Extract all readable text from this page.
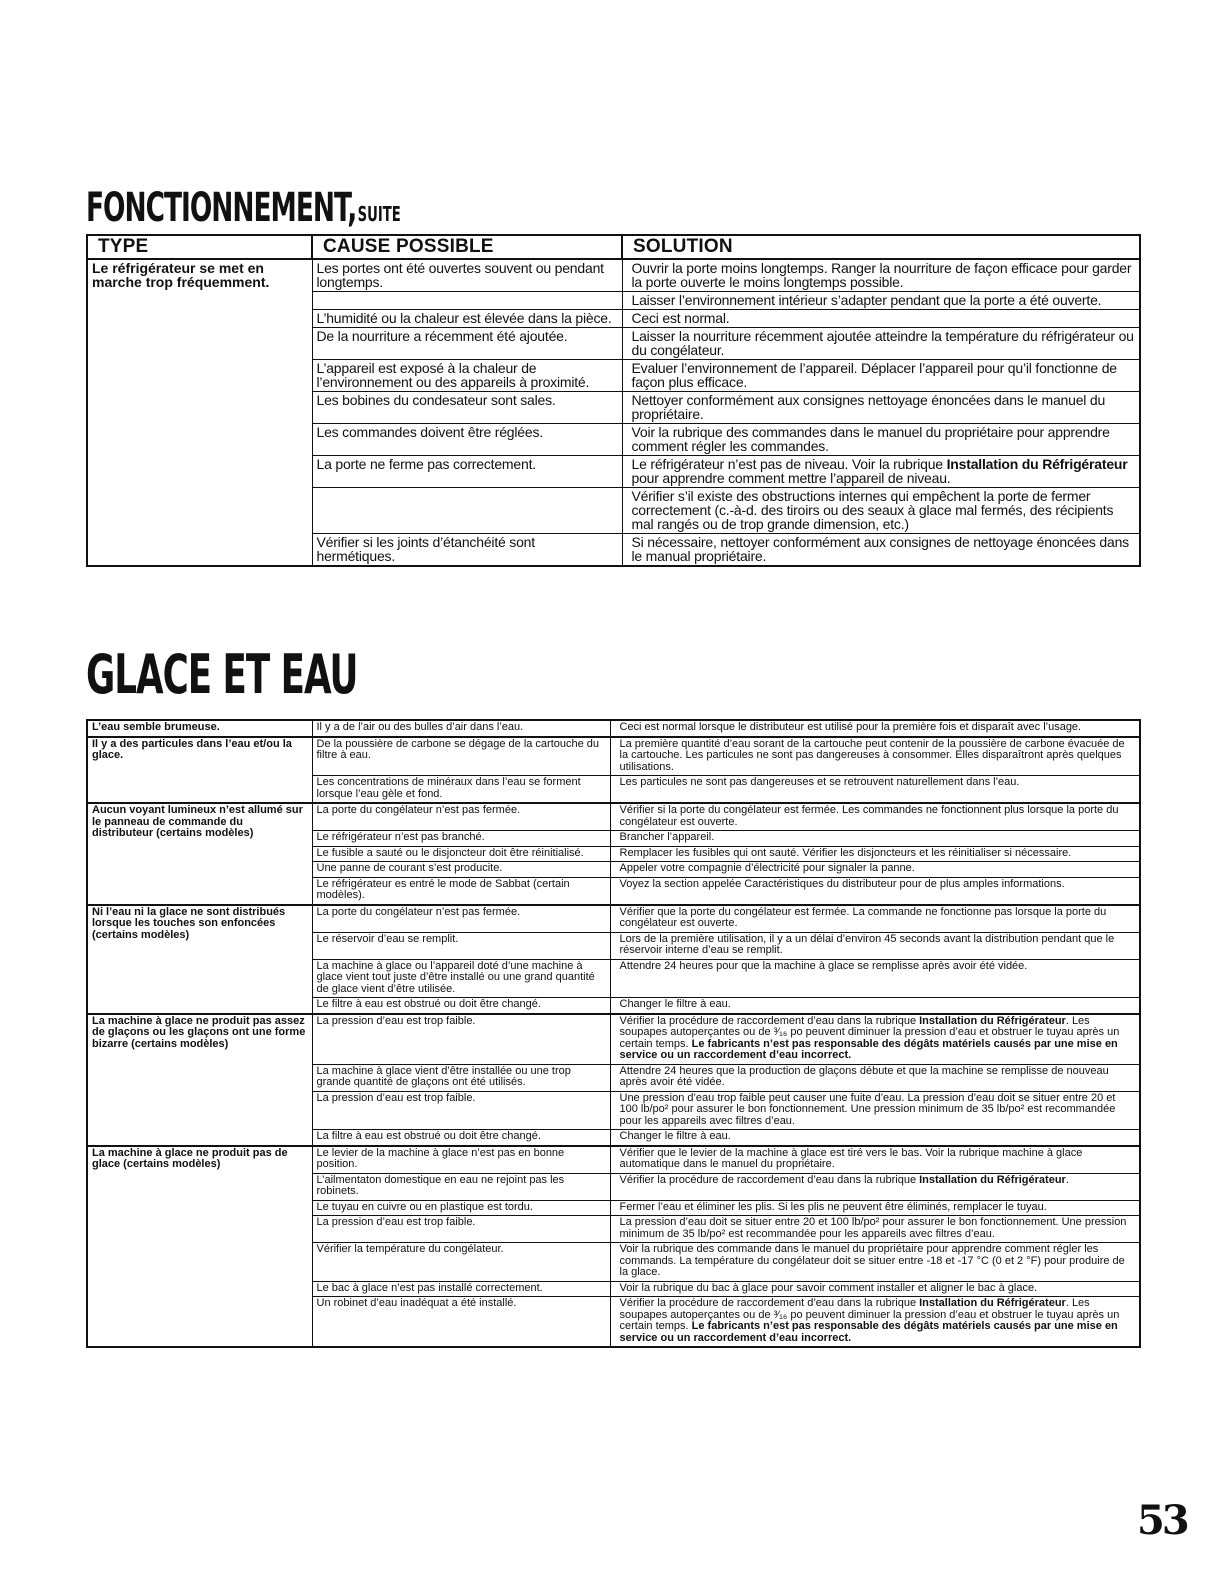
FONCTIONNEMENT,SUITE
TYPE	CAUSE POSSIBLE	SOLUTION
Le réfrigérateur se met en marche trop fréquemment.	Les portes ont été ouvertes souvent ou pendant longtemps.	Ouvrir la porte moins longtemps. Ranger la nourriture de façon efficace pour garder la porte ouverte le moins longtemps possible.
		Laisser l’environnement intérieur s’adapter pendant que la porte a été ouverte.
	L’humidité ou la chaleur est élevée dans la pièce.	Ceci est normal.
	De la nourriture a récemment été ajoutée.	Laisser la nourriture récemment ajoutée atteindre la température du réfrigérateur ou du congélateur.
	L’appareil est exposé à la chaleur de l’environnement ou des appareils à proximité.	Evaluer l’environnement de l’appareil. Déplacer l’appareil pour qu’il fonctionne de façon plus efficace.
	Les bobines du condesateur sont sales.	Nettoyer conformément aux consignes nettoyage énoncées dans le manuel du propriétaire.
	Les commandes doivent être réglées.	Voir la rubrique des commandes dans le manuel du propriétaire pour apprendre comment régler les commandes.
	La porte ne ferme pas correctement.	Le réfrigérateur n’est pas de niveau. Voir la rubrique Installation du Réfrigérateur pour apprendre comment mettre l’appareil de niveau.
		Vérifier s’il existe des obstructions internes qui empêchent la porte de fermer correctement (c.-à-d. des tiroirs ou des seaux à glace mal fermés, des récipients mal rangés ou de trop grande dimension, etc.)
	Vérifier si les joints d’étanchéité sont hermétiques.	Si nécessaire, nettoyer conformément aux consignes de nettoyage énoncées dans le manual propriétaire.
GLACE ET EAU
L’eau semble brumeuse.	Il y a de l’air ou des bulles d’air dans l’eau.	Ceci est normal lorsque le distributeur est utilisé pour la première fois et disparaît avec l’usage.
Il y a des particules dans l’eau et/ou la glace.	De la poussière de carbone se dégage de la cartouche du filtre à eau.	La première quantité d’eau sorant de la cartouche peut contenir de la poussière de carbone évacuée de la cartouche. Les particules ne sont pas dangereuses à consommer. Elles disparaîtront après quelques utilisations.
	Les concentrations de minéraux dans l’eau se forment lorsque l’eau gèle et fond.	Les particules ne sont pas dangereuses et se retrouvent naturellement dans l’eau.
Aucun voyant lumineux n’est allumé sur le panneau de commande du distributeur (certains modèles)	La porte du congélateur n’est pas fermée.	Vérifier si la porte du congélateur est fermée. Les commandes ne fonctionnent plus lorsque la porte du congélateur est ouverte.
	Le réfrigérateur n’est pas branché.	Brancher l’appareil.
	Le fusible a sauté ou le disjoncteur doit être réinitialisé.	Remplacer les fusibles qui ont sauté. Vérifier les disjoncteurs et les réinitialiser si nécessaire.
	Une panne de courant s’est producite.	Appeler votre compagnie d’électricité pour signaler la panne.
	Le réfrigérateur es entré le mode de Sabbat (certain modèles).	Voyez la section appelée Caractéristiques du distributeur pour de plus amples informations.
Ni l’eau ni la glace ne sont distribués lorsque les touches son enfoncées (certains modèles)	La porte du congélateur n’est pas fermée.	Vérifier que la porte du congélateur est fermée. La commande ne fonctionne pas lorsque la porte du congélateur est ouverte.
	Le réservoir d’eau se remplit.	Lors de la première utilisation, il y a un délai d’environ 45 seconds avant la distribution pendant que le réservoir interne d’eau se remplit.
	La machine à glace ou l’appareil doté d’une machine à glace vient tout juste d’être installé ou une grand quantité de glace vient d’être utilisée.	Attendre 24 heures pour que la machine à glace se remplisse après avoir été vidée.
	Le filtre à eau est obstrué ou doit être changé.	Changer le filtre à eau.
La machine à glace ne produit pas assez de glaçons ou les glaçons ont une forme bizarre (certains modèles)	La pression d’eau est trop faible.	Vérifier la procédure de raccordement d’eau dans la rubrique Installation du Réfrigérateur. Les soupapes autoperçantes ou de ³⁄₁₆ po peuvent diminuer la pression d’eau et obstruer le tuyau après un certain temps. Le fabricants n’est pas responsable des dégâts matériels causés par une mise en service ou un raccordement d’eau incorrect.
	La machine à glace vient d’être installée ou une trop grande quantité de glaçons ont été utilisés.	Attendre 24 heures que la production de glaçons débute et que la machine se remplisse de nouveau après avoir été vidée.
	La pression d’eau est trop faible.	Une pression d’eau trop faible peut causer une fuite d’eau. La pression d’eau doit se situer entre 20 et 100 lb/po² pour assurer le bon fonctionnement. Une pression minimum de 35 lb/po² est recommandée pour les appareils avec filtres d’eau.
	La filtre à eau est obstrué ou doit être changé.	Changer le filtre à eau.
La machine à glace ne produit pas de glace (certains modèles)	Le levier de la machine à glace n’est pas en bonne position.	Vérifier que le levier de la machine à glace est tiré vers le bas. Voir la rubrique machine à glace automatique dans le manuel du propriétaire.
	L’ailmentaton domestique en eau ne rejoint pas les robinets.	Vérifier la procédure de raccordement d’eau dans la rubrique Installation du Réfrigérateur.
	Le tuyau en cuivre ou en plastique est tordu.	Fermer l’eau et éliminer les plis. Si les plis ne peuvent être éliminés, remplacer le tuyau.
	La pression d’eau est trop faible.	La pression d’eau doit se situer entre 20 et 100 lb/po² pour assurer le bon fonctionnement. Une pression minimum de 35 lb/po² est recommandée pour les appareils avec filtres d’eau.
	Vérifier la température du congélateur.	Voir la rubrique des commande dans le manuel du propriétaire pour apprendre comment régler les commands. La température du congélateur doit se situer entre -18 et -17 °C (0 et 2 °F) pour produire de la glace.
	Le bac à glace n’est pas installé correctement.	Voir la rubrique du bac à glace pour savoir comment installer et aligner le bac à glace.
	Un robinet d’eau inadéquat a été installé.	Vérifier la procédure de raccordement d’eau dans la rubrique Installation du Réfrigérateur. Les soupapes autoperçantes ou de ³⁄₁₆ po peuvent diminuer la pression d’eau et obstruer le tuyau après un certain temps. Le fabricants n’est pas responsable des dégâts matériels causés par une mise en service ou un raccordement d’eau incorrect.
53
